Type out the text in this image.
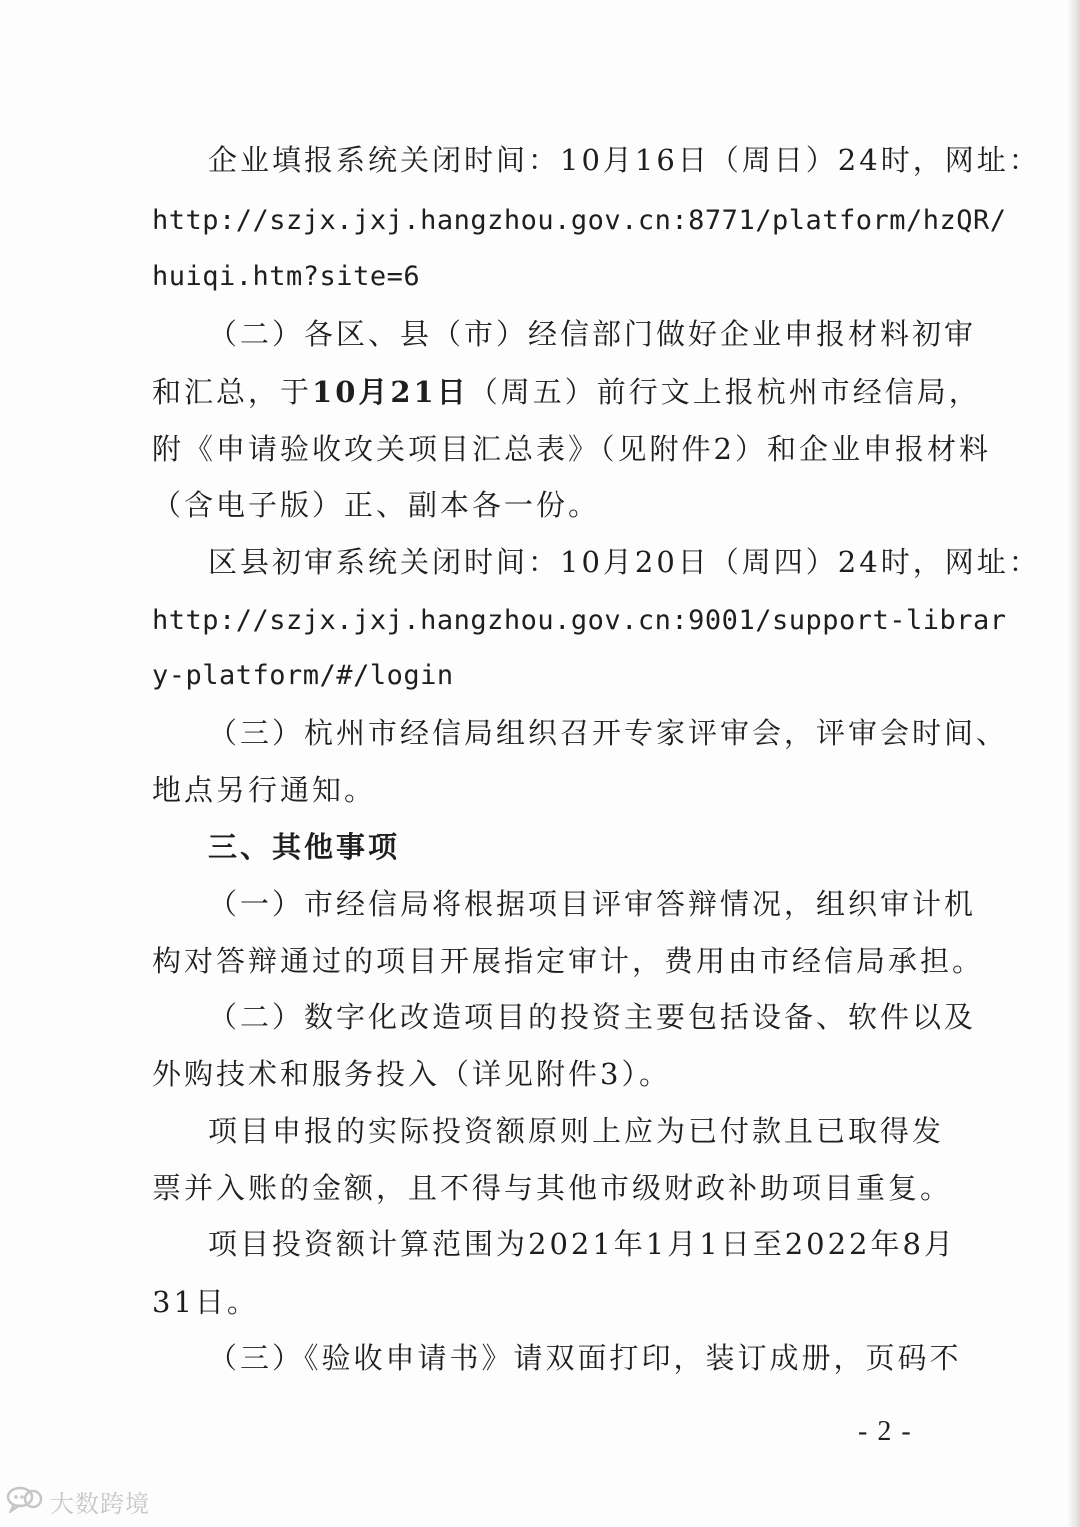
企业填报系统关闭时间：10月16日（周日）24时，网址：
http://szjx.jxj.hangzhou.gov.cn:8771/platform/hzQR/
huiqi.htm?site=6
（二）各区、县（市）经信部门做好企业申报材料初审
和汇总，于10月21日（周五）前行文上报杭州市经信局，
附《申请验收攻关项目汇总表》（见附件2）和企业申报材料
（含电子版）正、副本各一份。
区县初审系统关闭时间：10月20日（周四）24时，网址：
http://szjx.jxj.hangzhou.gov.cn:9001/support-librar
y-platform/#/login
（三）杭州市经信局组织召开专家评审会，评审会时间、
地点另行通知。
三、其他事项
（一）市经信局将根据项目评审答辩情况，组织审计机
构对答辩通过的项目开展指定审计，费用由市经信局承担。
（二）数字化改造项目的投资主要包括设备、软件以及
外购技术和服务投入（详见附件3）。
项目申报的实际投资额原则上应为已付款且已取得发
票并入账的金额，且不得与其他市级财政补助项目重复。
项目投资额计算范围为2021年1月1日至2022年8月
31日。
（三）《验收申请书》请双面打印，装订成册，页码不
-2-
大数跨境
